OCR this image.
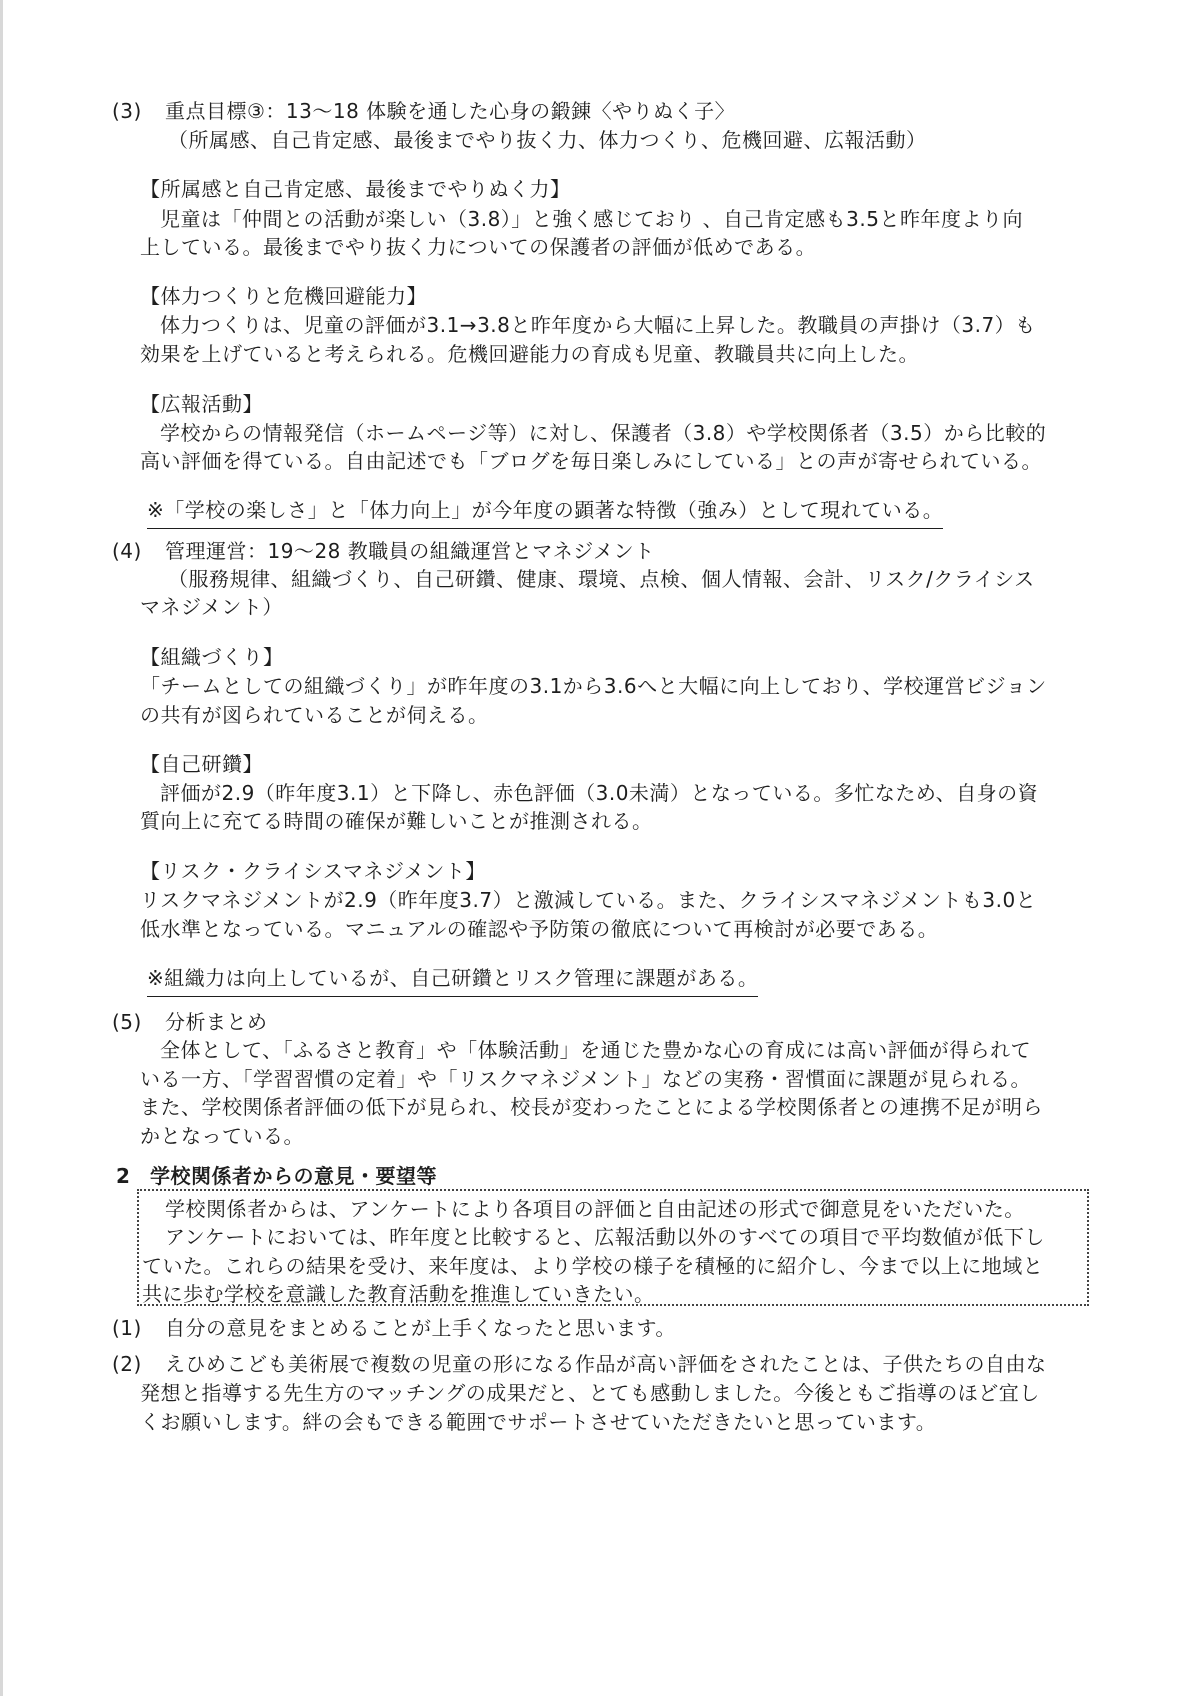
(3) 重点目標③：13～18 体験を通した心身の鍛錬〈やりぬく子〉
（所属感、自己肯定感、最後までやり抜く力、体力つくり、危機回避、広報活動）
【所属感と自己肯定感、最後までやりぬく力】
児童は「仲間との活動が楽しい（3.8）」と強く感じており 、自己肯定感も3.5と昨年度より向
上している。最後までやり抜く力についての保護者の評価が低めである。
【体力つくりと危機回避能力】
体力つくりは、児童の評価が3.1→3.8と昨年度から大幅に上昇した。教職員の声掛け（3.7）も
効果を上げていると考えられる。危機回避能力の育成も児童、教職員共に向上した。
【広報活動】
学校からの情報発信（ホームページ等）に対し、保護者（3.8）や学校関係者（3.5）から比較的
高い評価を得ている。自由記述でも「ブログを毎日楽しみにしている」との声が寄せられている。
※「学校の楽しさ」と「体力向上」が今年度の顕著な特徴（強み）として現れている。
(4) 管理運営：19～28 教職員の組織運営とマネジメント
（服務規律、組織づくり、自己研鑽、健康、環境、点検、個人情報、会計、リスク/クライシス
マネジメント）
【組織づくり】
「チームとしての組織づくり」が昨年度の3.1から3.6へと大幅に向上しており、学校運営ビジョン
の共有が図られていることが伺える。
【自己研鑽】
評価が2.9（昨年度3.1）と下降し、赤色評価（3.0未満）となっている。多忙なため、自身の資
質向上に充てる時間の確保が難しいことが推測される。
【リスク・クライシスマネジメント】
リスクマネジメントが2.9（昨年度3.7）と激減している。また、クライシスマネジメントも3.0と
低水準となっている。マニュアルの確認や予防策の徹底について再検討が必要である。
※組織力は向上しているが、自己研鑽とリスク管理に課題がある。
(5) 分析まとめ
全体として、「ふるさと教育」や「体験活動」を通じた豊かな心の育成には高い評価が得られて
いる一方、「学習習慣の定着」や「リスクマネジメント」などの実務・習慣面に課題が見られる。
また、学校関係者評価の低下が見られ、校長が変わったことによる学校関係者との連携不足が明ら
かとなっている。
2 学校関係者からの意見・要望等
学校関係者からは、アンケートにより各項目の評価と自由記述の形式で御意見をいただいた。
アンケートにおいては、昨年度と比較すると、広報活動以外のすべての項目で平均数値が低下し
ていた。これらの結果を受け、来年度は、より学校の様子を積極的に紹介し、今まで以上に地域と
共に歩む学校を意識した教育活動を推進していきたい。
(1) 自分の意見をまとめることが上手くなったと思います。
(2) えひめこども美術展で複数の児童の形になる作品が高い評価をされたことは、子供たちの自由な
発想と指導する先生方のマッチングの成果だと、とても感動しました。今後ともご指導のほど宜し
くお願いします。絆の会もできる範囲でサポートさせていただきたいと思っています。
